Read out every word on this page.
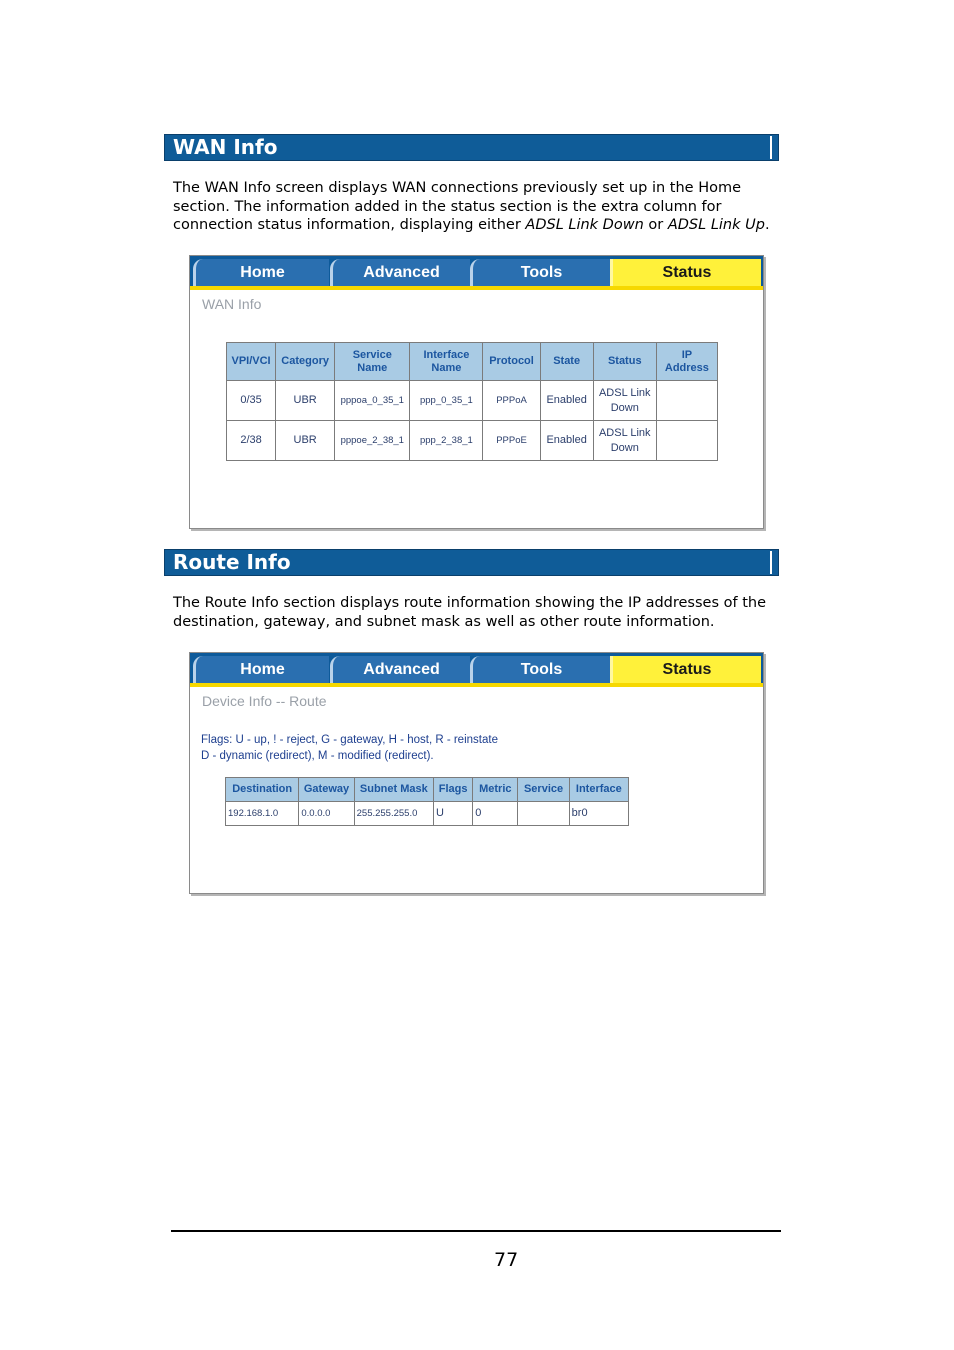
WAN Info
The WAN Info screen displays WAN connections previously set up in the Home section. The information added in the status section is the extra column for connection status information, displaying either ADSL Link Down or ADSL Link Up.
Home	Advanced	Tools	Status
WAN Info
VPI/VCI	Category	Service Name	Interface Name	Protocol	State	Status	IP Address
0/35	UBR	pppoa_0_35_1	ppp_0_35_1	PPPoA	Enabled	ADSL Link Down	
2/38	UBR	pppoe_2_38_1	ppp_2_38_1	PPPoE	Enabled	ADSL Link Down	
Route Info
The Route Info section displays route information showing the IP addresses of the destination, gateway, and subnet mask as well as other route information.
Home	Advanced	Tools	Status
Device Info -- Route
Flags: U - up, ! - reject, G - gateway, H - host, R - reinstate
D - dynamic (redirect), M - modified (redirect).
Destination	Gateway	Subnet Mask	Flags	Metric	Service	Interface
192.168.1.0	0.0.0.0	255.255.255.0	U	0		br0
77
